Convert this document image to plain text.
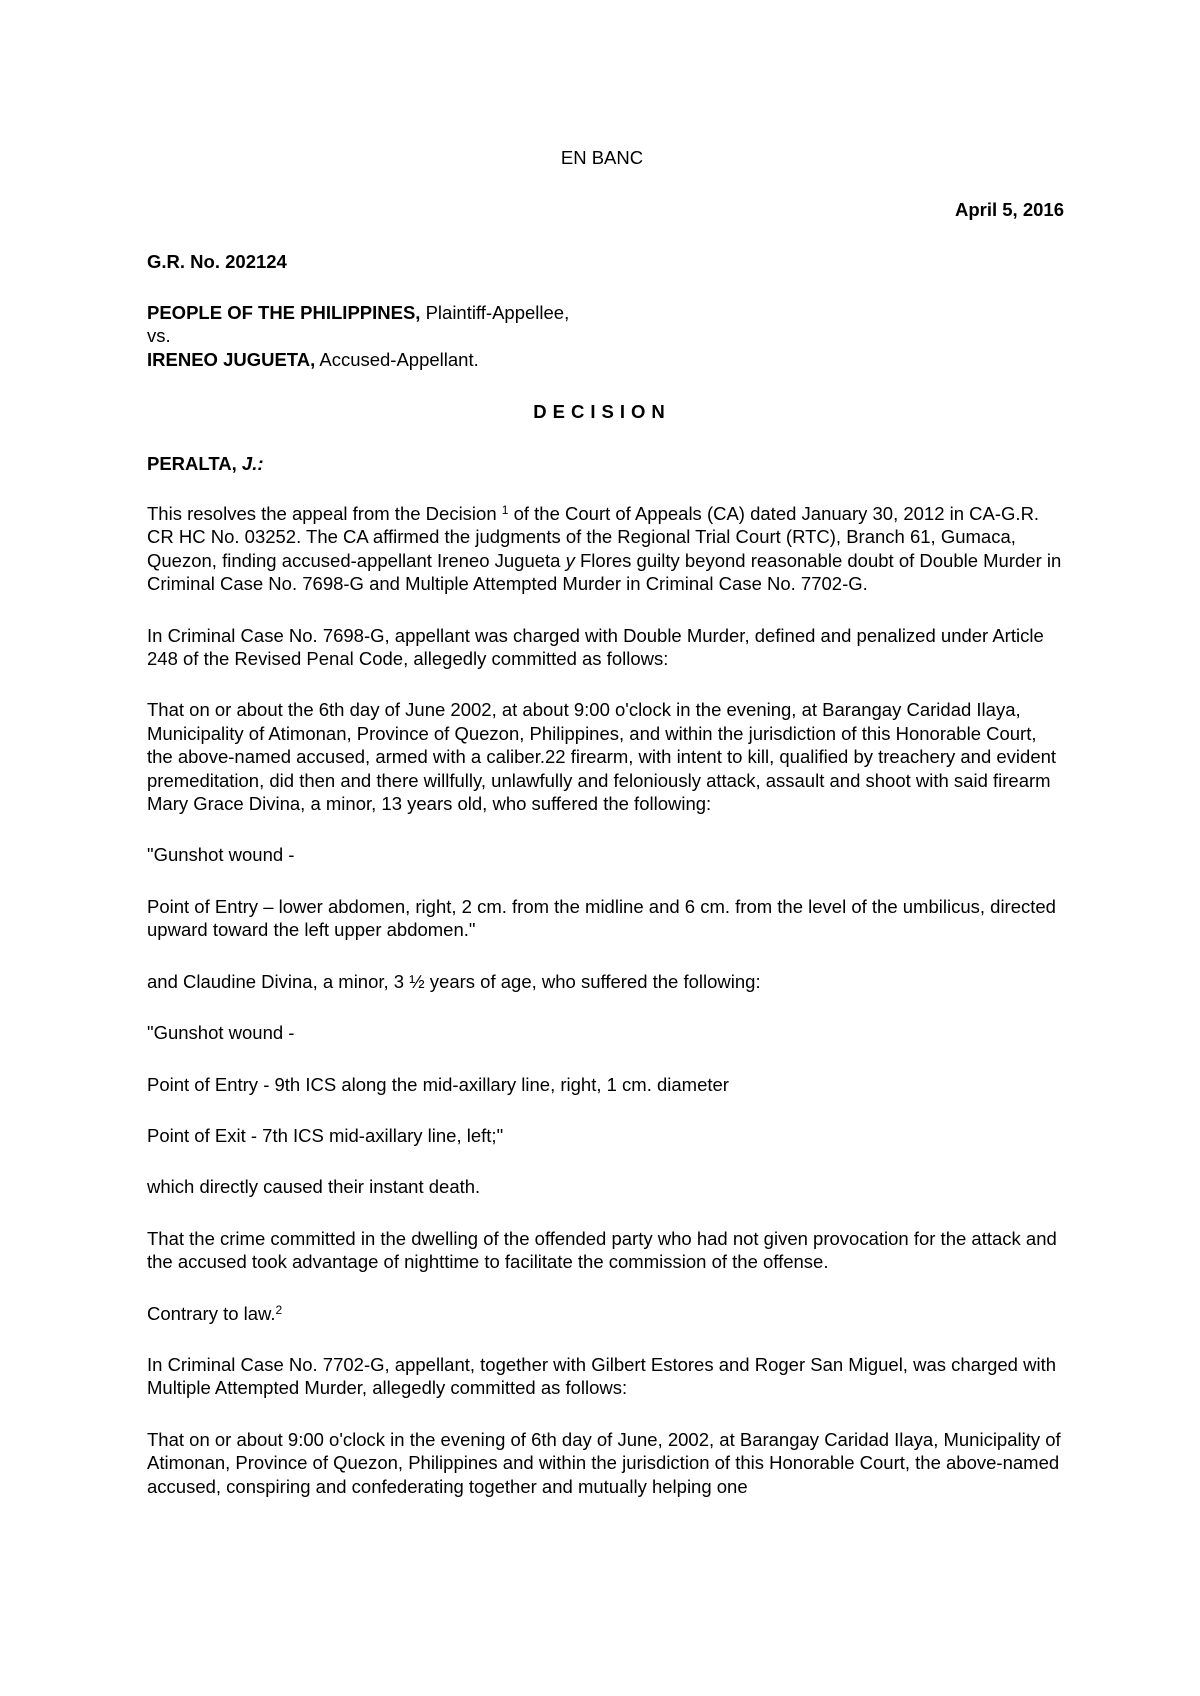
EN BANC

April 5, 2016

G.R. No. 202124

PEOPLE OF THE PHILIPPINES, Plaintiff-Appellee,
vs.
IRENEO JUGUETA, Accused-Appellant.

DECISION

PERALTA, J.:

This resolves the appeal from the Decision $^1$ of the Court of Appeals (CA) dated January 30, 2012 in CA-G.R. CR HC No. 03252. The CA affirmed the judgments of the Regional Trial Court (RTC), Branch 61, Gumaca, Quezon, finding accused-appellant Ireneo Jugueta y Flores guilty beyond reasonable doubt of Double Murder in Criminal Case No. 7698-G and Multiple Attempted Murder in Criminal Case No. 7702-G.

In Criminal Case No. 7698-G, appellant was charged with Double Murder, defined and penalized under Article 248 of the Revised Penal Code, allegedly committed as follows:

That on or about the 6th day of June 2002, at about 9:00 o'clock in the evening, at Barangay Caridad Ilaya, Municipality of Atimonan, Province of Quezon, Philippines, and within the jurisdiction of this Honorable Court, the above-named accused, armed with a caliber.22 firearm, with intent to kill, qualified by treachery and evident premeditation, did then and there willfully, unlawfully and feloniously attack, assault and shoot with said firearm Mary Grace Divina, a minor, 13 years old, who suffered the following:

"Gunshot wound -

Point of Entry – lower abdomen, right, 2 cm. from the midline and 6 cm. from the level of the umbilicus, directed upward toward the left upper abdomen."

and Claudine Divina, a minor, 3 ½ years of age, who suffered the following:

"Gunshot wound -

Point of Entry - 9th ICS along the mid-axillary line, right, 1 cm. diameter

Point of Exit - 7th ICS mid-axillary line, left;"

which directly caused their instant death.

That the crime committed in the dwelling of the offended party who had not given provocation for the attack and the accused took advantage of nighttime to facilitate the commission of the offense.

Contrary to law.$^2$

In Criminal Case No. 7702-G, appellant, together with Gilbert Estores and Roger San Miguel, was charged with Multiple Attempted Murder, allegedly committed as follows:

That on or about 9:00 o'clock in the evening of 6th day of June, 2002, at Barangay Caridad Ilaya, Municipality of Atimonan, Province of Quezon, Philippines and within the jurisdiction of this Honorable Court, the above-named accused, conspiring and confederating together and mutually helping one
